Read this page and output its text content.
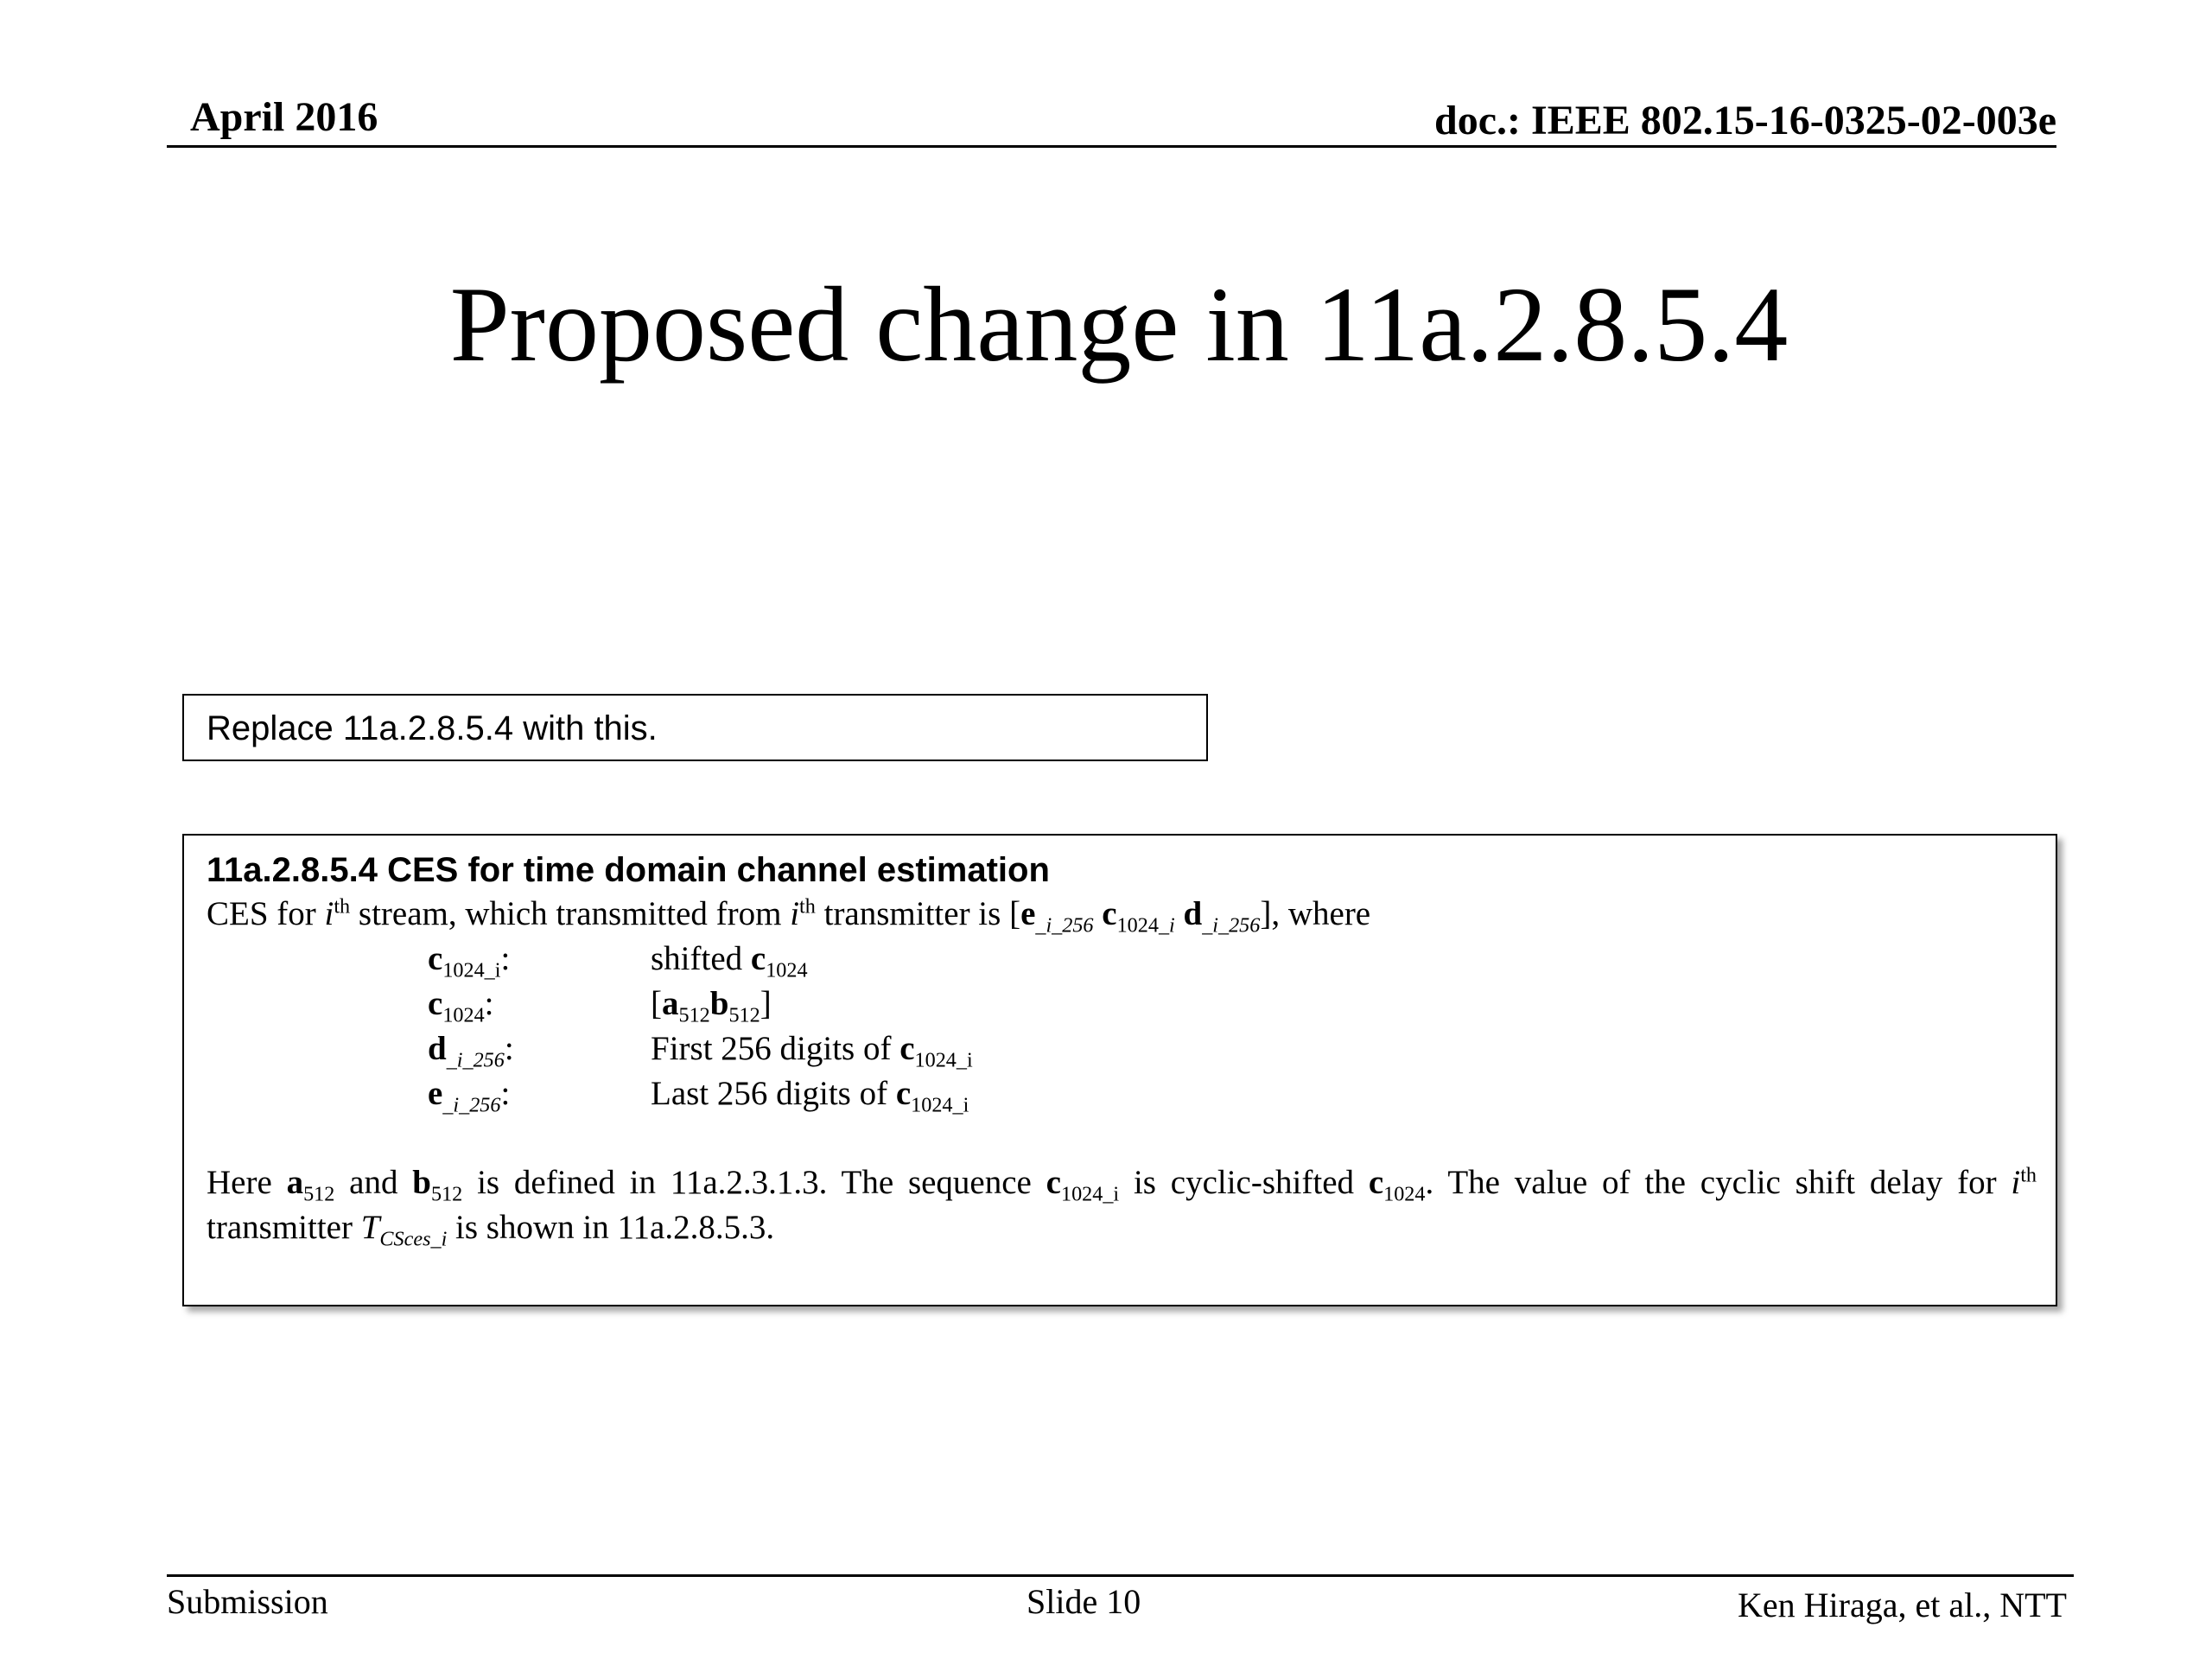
April 2016	doc.: IEEE 802.15-16-0325-02-003e
Proposed change in 11a.2.8.5.4
Replace 11a.2.8.5.4 with this.
11a.2.8.5.4 CES for time domain channel estimation
CES for $i^{th}$ stream, which transmitted from $i^{th}$ transmitter is [$e_{\_i\_256}$ $c_{1024\_i}$ $d_{\_i\_256}$], where
$c_{1024\_i}$:	shifted $c_{1024}$
$c_{1024}$:	$[a_{512}b_{512}]$
$d_{\_i\_256}$:	First 256 digits of $c_{1024\_i}$
$e_{\_i\_256}$:	Last 256 digits of $c_{1024\_i}$
Here $a_{512}$ and $b_{512}$ is defined in 11a.2.3.1.3. The sequence $c_{1024\_i}$ is cyclic-shifted $c_{1024}$. The value of the cyclic shift delay for $i^{th}$ transmitter $T_{CSces\_i}$ is shown in 11a.2.8.5.3.
Submission	Slide 10	Ken Hiraga, et al., NTT
